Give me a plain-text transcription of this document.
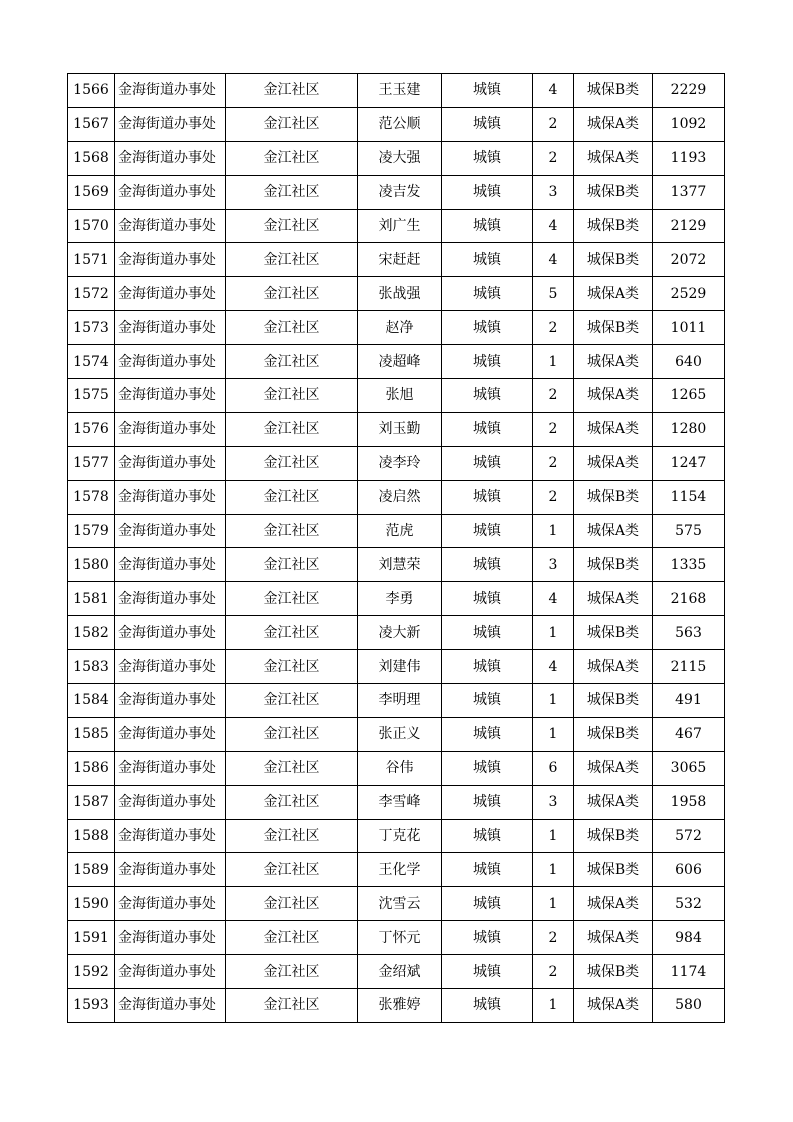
1566	金海街道办事处	金江社区	王玉建	城镇	4	城保B类	2229
1567	金海街道办事处	金江社区	范公顺	城镇	2	城保A类	1092
1568	金海街道办事处	金江社区	凌大强	城镇	2	城保A类	1193
1569	金海街道办事处	金江社区	凌吉发	城镇	3	城保B类	1377
1570	金海街道办事处	金江社区	刘广生	城镇	4	城保B类	2129
1571	金海街道办事处	金江社区	宋赶赶	城镇	4	城保B类	2072
1572	金海街道办事处	金江社区	张战强	城镇	5	城保A类	2529
1573	金海街道办事处	金江社区	赵净	城镇	2	城保B类	1011
1574	金海街道办事处	金江社区	凌超峰	城镇	1	城保A类	640
1575	金海街道办事处	金江社区	张旭	城镇	2	城保A类	1265
1576	金海街道办事处	金江社区	刘玉勤	城镇	2	城保A类	1280
1577	金海街道办事处	金江社区	凌李玲	城镇	2	城保A类	1247
1578	金海街道办事处	金江社区	凌启然	城镇	2	城保B类	1154
1579	金海街道办事处	金江社区	范虎	城镇	1	城保A类	575
1580	金海街道办事处	金江社区	刘慧荣	城镇	3	城保B类	1335
1581	金海街道办事处	金江社区	李勇	城镇	4	城保A类	2168
1582	金海街道办事处	金江社区	凌大新	城镇	1	城保B类	563
1583	金海街道办事处	金江社区	刘建伟	城镇	4	城保A类	2115
1584	金海街道办事处	金江社区	李明理	城镇	1	城保B类	491
1585	金海街道办事处	金江社区	张正义	城镇	1	城保B类	467
1586	金海街道办事处	金江社区	谷伟	城镇	6	城保A类	3065
1587	金海街道办事处	金江社区	李雪峰	城镇	3	城保A类	1958
1588	金海街道办事处	金江社区	丁克花	城镇	1	城保B类	572
1589	金海街道办事处	金江社区	王化学	城镇	1	城保B类	606
1590	金海街道办事处	金江社区	沈雪云	城镇	1	城保A类	532
1591	金海街道办事处	金江社区	丁怀元	城镇	2	城保A类	984
1592	金海街道办事处	金江社区	金绍斌	城镇	2	城保B类	1174
1593	金海街道办事处	金江社区	张雅婷	城镇	1	城保A类	580
